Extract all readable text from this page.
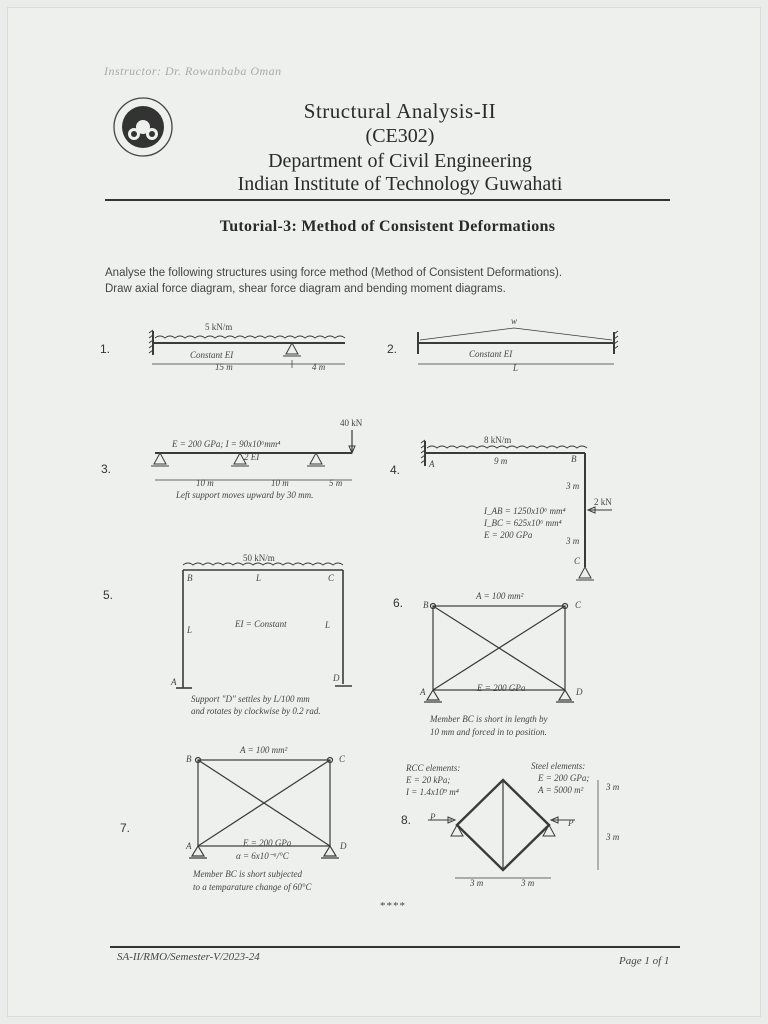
Instructor: Dr. Rowanbaba Oman
Structural Analysis-II
(CE302)
Department of Civil Engineering
Indian Institute of Technology Guwahati
Tutorial-3: Method of Consistent Deformations
Analyse the following structures using force method (Method of Consistent Deformations).
Draw axial force diagram, shear force diagram and bending moment diagrams.
1.
5 kN/m
Constant EI
15 m	4 m
2.
w
Constant EI
L
3.
40 kN
E = 200 GPa; I = 90x10⁶mm⁴
2 EI
10 m	10 m	5 m
Left support moves upward by 30 mm.
4.
8 kN/m
A	B
C
9 m
3 m
3 m
2 kN
I_AB = 1250x10⁶ mm⁴
I_BC = 625x10⁶ mm⁴
E = 200 GPa
5.
50 kN/m
B	C
L
L	L
EI = Constant
A	D
Support "D" settles by L/100 mm
and rotates by clockwise by 0.2 rad.
6.	A = 100 mm²
B	C
E = 200 GPa
A	D
Member BC is short in length by
10 mm and forced in to position.
7.
A = 100 mm²
B	C
E = 200 GPa
α = 6x10⁻⁶/°C
A	D
Member BC is short subjected
to a temparature change of 60°C
8.
RCC elements:
E = 20 kPa;
I = 1.4x10⁹ m⁴
Steel elements:
E = 200 GPa;
A = 5000 m²
P
P
3 m
3 m
3 m	3 m
****
SA-II/RMO/Semester-V/2023-24	Page 1 of 1
